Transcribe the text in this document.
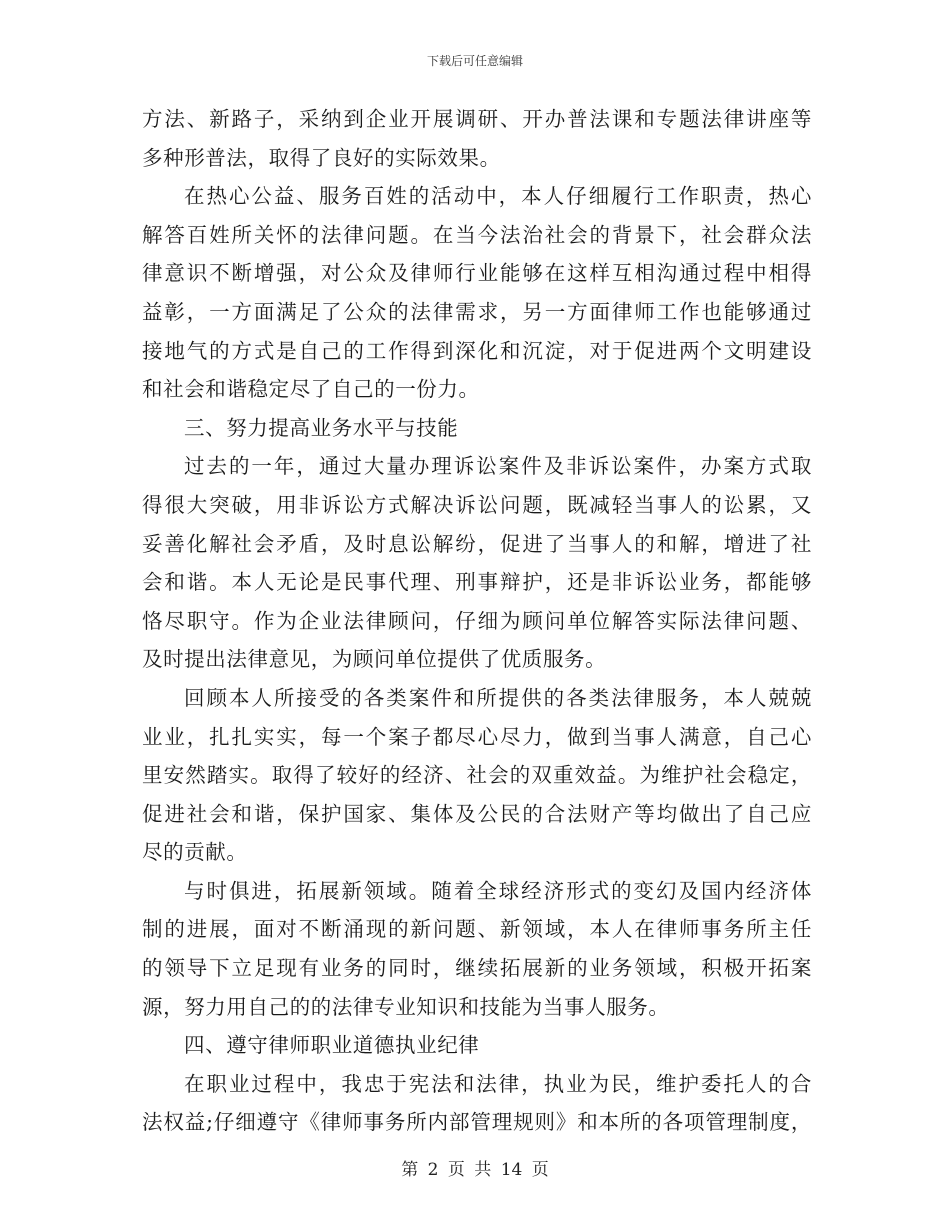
下载后可任意编辑
方法、新路子，采纳到企业开展调研、开办普法课和专题法律讲座等
多种形普法，取得了良好的实际效果。
在热心公益、服务百姓的活动中，本人仔细履行工作职责，热心
解答百姓所关怀的法律问题。在当今法治社会的背景下，社会群众法
律意识不断增强，对公众及律师行业能够在这样互相沟通过程中相得
益彰，一方面满足了公众的法律需求，另一方面律师工作也能够通过
接地气的方式是自己的工作得到深化和沉淀，对于促进两个文明建设
和社会和谐稳定尽了自己的一份力。
三、努力提高业务水平与技能
过去的一年，通过大量办理诉讼案件及非诉讼案件，办案方式取
得很大突破，用非诉讼方式解决诉讼问题，既减轻当事人的讼累，又
妥善化解社会矛盾，及时息讼解纷，促进了当事人的和解，增进了社
会和谐。本人无论是民事代理、刑事辩护，还是非诉讼业务，都能够
恪尽职守。作为企业法律顾问，仔细为顾问单位解答实际法律问题、
及时提出法律意见，为顾问单位提供了优质服务。
回顾本人所接受的各类案件和所提供的各类法律服务，本人兢兢
业业，扎扎实实，每一个案子都尽心尽力，做到当事人满意，自己心
里安然踏实。取得了较好的经济、社会的双重效益。为维护社会稳定，
促进社会和谐，保护国家、集体及公民的合法财产等均做出了自己应
尽的贡献。
与时俱进，拓展新领域。随着全球经济形式的变幻及国内经济体
制的进展，面对不断涌现的新问题、新领域，本人在律师事务所主任
的领导下立足现有业务的同时，继续拓展新的业务领域，积极开拓案
源，努力用自己的的法律专业知识和技能为当事人服务。
四、遵守律师职业道德执业纪律
在职业过程中，我忠于宪法和法律，执业为民，维护委托人的合
法权益;仔细遵守《律师事务所内部管理规则》和本所的各项管理制度，
第 2 页 共 14 页
